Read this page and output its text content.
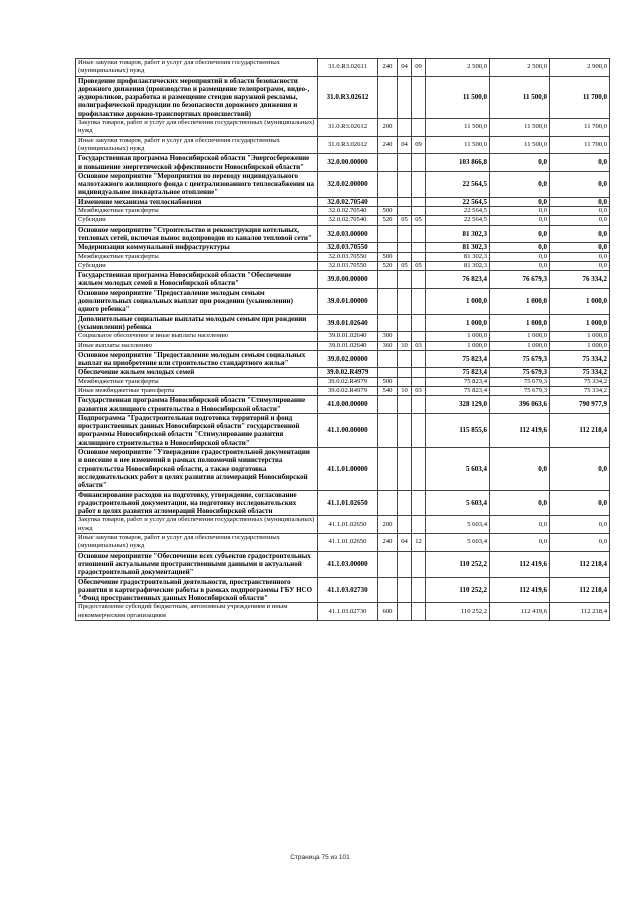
Иные закупки товаров, работ и услуг для обеспечения государственных (муниципальных) нужд	31.0.R3.02611	240	04	09	2 500,0	2 500,0	2 900,0
Проведение профилактических мероприятий в области безопасности дорожного движения (производство и размещение телепрограмм, видео-, аудиороликов, разработка и размещение стендов наружной рекламы, полиграфической продукции по безопасности дорожного движения и профилактике дорожно-транспортных происшествий)	31.0.R3.02612				11 500,0	11 500,0	11 700,0
Закупка товаров, работ и услуг для обеспечения государственных (муниципальных) нужд	31.0.R3.02612	200			11 500,0	11 500,0	11 700,0
Иные закупки товаров, работ и услуг для обеспечения государственных (муниципальных) нужд	31.0.R3.02612	240	04	09	11 500,0	11 500,0	11 700,0
Государственная программа Новосибирской области "Энергосбережение и повышение энергетической эффективности Новосибирской области"	32.0.00.00000				103 866,8	0,0	0,0
Основное мероприятие "Мероприятия по переводу индивидуального малоэтажного жилищного фонда с централизованного теплоснабжения на индивидуальное поквартальное отопление"	32.0.02.00000				22 564,5	0,0	0,0
Изменение механизма теплоснабжения	32.0.02.70540				22 564,5	0,0	0,0
Межбюджетные трансферты	32.0.02.70540	500			22 564,5	0,0	0,0
Субсидии	32.0.02.70540	520	05	05	22 564,5	0,0	0,0
Основное мероприятие "Строительство и реконструкция котельных, тепловых сетей, включая вынос водопроводов из каналов тепловой сети"	32.0.03.00000				81 302,3	0,0	0,0
Модернизация коммунальной инфраструктуры	32.0.03.70550				81 302,3	0,0	0,0
Межбюджетные трансферты	32.0.03.70550	500			81 302,3	0,0	0,0
Субсидии	32.0.03.70550	520	05	05	81 302,3	0,0	0,0
Государственная программа Новосибирской области "Обеспечение жильем молодых семей в Новосибирской области"	39.0.00.00000				76 823,4	76 679,3	76 334,2
Основное мероприятие "Предоставление молодым семьям дополнительных социальных выплат при рождении (усыновлении) одного ребенка"	39.0.01.00000				1 000,0	1 000,0	1 000,0
Дополнительные социальные выплаты молодым семьям при рождении (усыновлении) ребенка	39.0.01.02640				1 000,0	1 000,0	1 000,0
Социальное обеспечение и иные выплаты населению	39.0.01.02640	300			1 000,0	1 000,0	1 000,0
Иные выплаты населению	39.0.01.02640	360	10	03	1 000,0	1 000,0	1 000,0
Основное мероприятие "Предоставление молодым семьям социальных выплат на приобретение или строительство стандартного жилья"	39.0.02.00000				75 823,4	75 679,3	75 334,2
Обеспечение жильем молодых семей	39.0.02.R4979				75 823,4	75 679,3	75 334,2
Межбюджетные трансферты	39.0.02.R4979	500			75 823,4	75 679,3	75 334,2
Иные межбюджетные трансферты	39.0.02.R4979	540	10	03	75 823,4	75 679,3	75 334,2
Государственная программа Новосибирской области "Стимулирование развития жилищного строительства в Новосибирской области"	41.0.00.00000				328 129,0	396 063,6	790 977,9
Подпрограмма "Градостроительная подготовка территорий и фонд пространственных данных Новосибирской области" государственной программы Новосибирской области "Стимулирование развития жилищного строительства в Новосибирской области"	41.1.00.00000				115 855,6	112 419,6	112 218,4
Основное мероприятие "Утверждение градостроительной документации и внесение в нее изменений в рамках полномочий министерства строительства Новосибирской области, а также подготовка исследовательских работ в целях развития агломераций Новосибирской области"	41.1.01.00000				5 603,4	0,0	0,0
Финансирование расходов на подготовку, утверждение, согласование градостроительной документации, на подготовку исследовательских работ в целях развития агломераций Новосибирской области	41.1.01.02650				5 603,4	0,0	0,0
Закупка товаров, работ и услуг для обеспечения государственных (муниципальных) нужд	41.1.01.02650	200			5 603,4	0,0	0,0
Иные закупки товаров, работ и услуг для обеспечения государственных (муниципальных) нужд	41.1.01.02650	240	04	12	5 603,4	0,0	0,0
Основное мероприятие "Обеспечение всех субъектов градостроительных отношений актуальными пространственными данными и актуальной градостроительной документацией"	41.1.03.00000				110 252,2	112 419,6	112 218,4
Обеспечение градостроительной деятельности, пространственного развития и картографические работы в рамках подпрограммы ГБУ НСО "Фонд пространственных данных Новосибирской области"	41.1.03.02730				110 252,2	112 419,6	112 218,4
Предоставление субсидий бюджетным, автономным учреждениям и иным некоммерческим организациям	41.1.03.02730	600			110 252,2	112 419,6	112 218,4
Страница 75 из 101
